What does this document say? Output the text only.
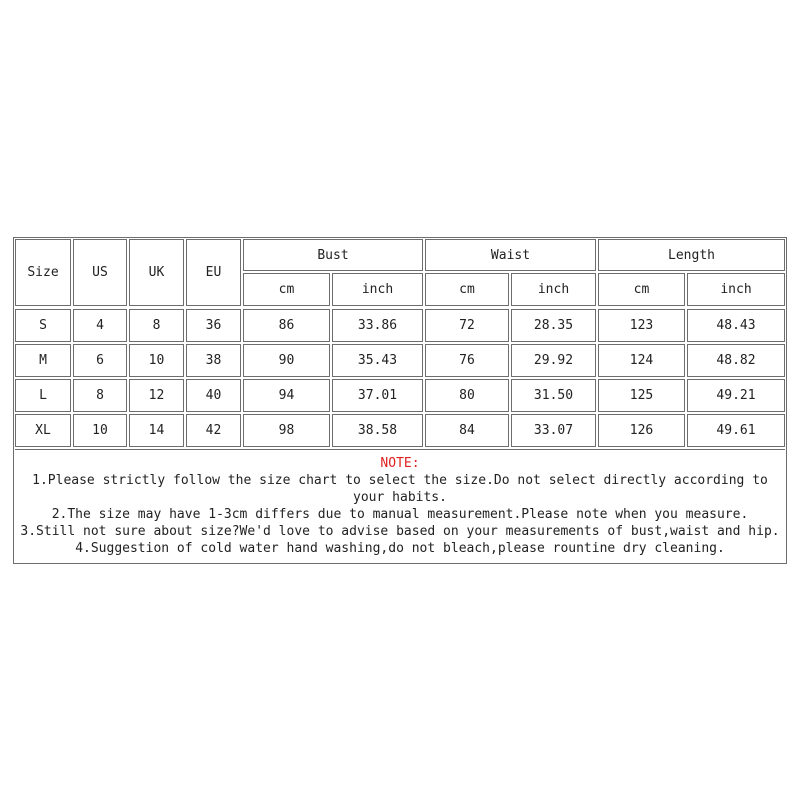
Size	US	UK	EU
Bust	Waist	Length
cm	inch	cm	inch	cm	inch
S	4	8	36	86	33.86	72	28.35	123	48.43
M	6	10	38	90	35.43	76	29.92	124	48.82
L	8	12	40	94	37.01	80	31.50	125	49.21
XL	10	14	42	98	38.58	84	33.07	126	49.61
NOTE:
1.Please strictly follow the size chart to select the size.Do not select directly according to your habits.
2.The size may have 1-3cm differs due to manual measurement.Please note when you measure.
3.Still not sure about size?We'd love to advise based on your measurements of bust,waist and hip.
4.Suggestion of cold water hand washing,do not bleach,please rountine dry cleaning.
